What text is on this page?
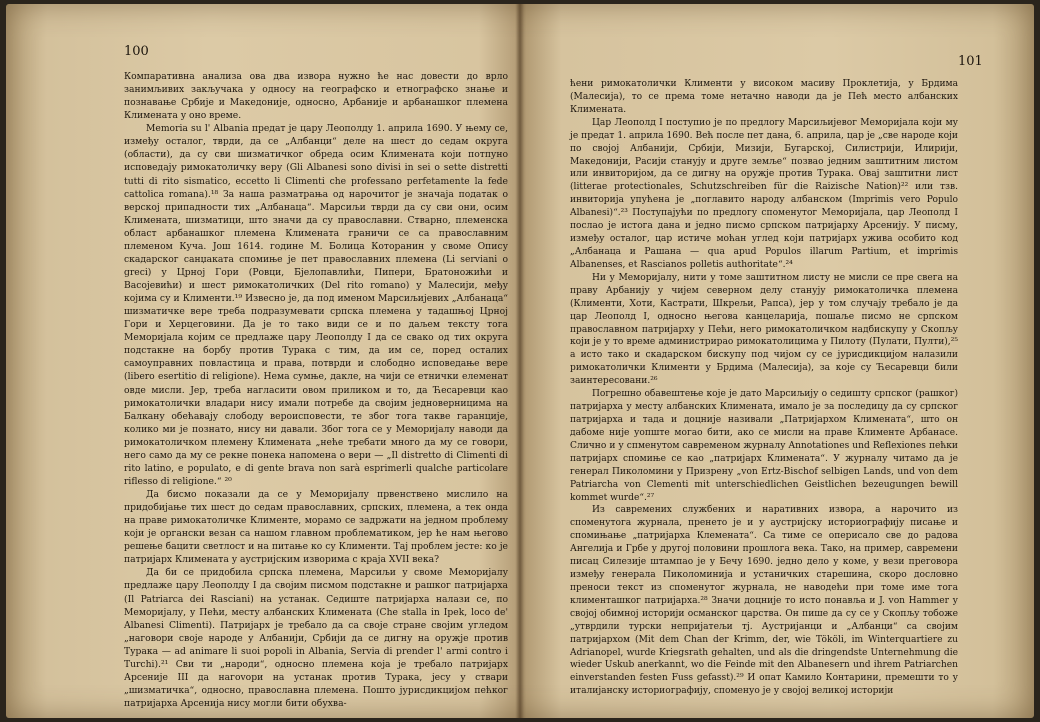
100

Компаративна анализа ова два извора нужно ће нас довести до врло занимљивих закључака у односу на географско и етнографско знање и познавање Србије и Македоније, односно, Арбаније и арбанашког племена Климената у оно време.

Memoria su l' Albania предат је цару Леополду 1. априла 1690. У њему се, између осталог, тврди, да се „Албанци“ деле на шест до седам округа (области), да су сви шизматичког обреда осим Климената који потпуно исповедају римокатоличку веру (Gli Albanesi sono divisi in sei o sette distretti tutti di rito sismatico, eccetto li Climenti che professano perfetamente la fede cattolica romana).¹⁸ За наша разматрања од нарочитог је значаја податак о верској припадности тих „Албанаца“. Марсиљи тврди да су сви они, осим Климената, шизматици, што значи да су православни. Стварно, племенска област арбанашког племена Климената граничи се са православним племеном Куча. Још 1614. године М. Болица Которанин у своме Опису скадарског санџаката спомиње је пет православних племена (Li serviani o greci) у Црној Гори (Ровци, Бјелопавлићи, Пипери, Братоножићи и Васојевићи) и шест римокатоличких (Del rito romano) у Малесији, међу којима су и Клименти.¹⁹ Извесно је, да под именом Марсиљијевих „Албанаца“ шизматичке вере треба подразумевати српска племена у тадашњој Црној Гори и Херцеговини. Да је то тако види се и по даљем тексту тога Меморијала којим се предлаже цару Леополду I да се свако од тих округа подстакне на борбу против Турака с тим, да им се, поред осталих самоуправних повластица и права, потврди и слободно исповедање вере (libero esertitio di religione). Нема сумње, дакле, на чији се етнички елеменат овде мисли. Јер, треба нагласити овом приликом и то, да Ћесаревци као римокатолички владари нису имали потребе да својим једноверницима на Балкану обећавају слободу вероисповести, те због тога такве гаранције, колико ми је познато, нису ни давали. Због тога се у Меморијалу наводи да римокатоличком племену Климената „неће требати много да му се говори, него само да му се рекне понека напомена о вери — „Il distretto di Climenti di rito latino, e populato, e di gente brava non sarà esprimerli qualche particolare riflesso di religione.“ ²⁰

Да бисмо показали да се у Меморијалу првенствено мислило на придобијање тих шест до седам православних, српских, племена, а тек онда на праве римокатоличке Клименте, морамо се задржати на једном проблему који је органски везан са нашом главном проблематиком, јер ће нам његово решење бацити светлост и на питање ко су Клименти. Тај проблем јесте: ко је патријарх Климената у аустријским изворима с краја XVII века?

Да би се придобила српска племена, Марсиљи у своме Меморијалу предлаже цару Леополду I да својим писмом подстакне и рашког патријарха (Il Patriarca dei Rasciani) на устанак. Седиште патријарха налази се, по Меморијалу, у Пећи, месту албанских Климената (Che stalla in Ipek, loco de' Albanesi Climenti). Патријарх је требало да са своје стране својим угледом „наговори своје народе у Албанији, Србији да се дигну на оружје против Турака — ad animare li suoi popoli in Albania, Servia di prender l' armi contro i Turchi).²¹ Сви ти „народи“, односно племена која је требало патријарх Арсеније III да нагovори на устанак против Турака, јесу у ствари „шизматичка“, односно, православна племена. Пошто јурисдикцијом пећког патријарха Арсенија нису могли бити обухва-

101

ћени римокатолички Клименти у високом масиву Проклетија, у Брдима (Малесија), то се према томе нетачно наводи да је Пећ место албанских Климената.

Цар Леополд I поступио је по предлогу Марсиљијевог Меморијала који му је предат 1. априла 1690. Већ после пет дана, 6. априла, цар је „све народе који по својој Албанији, Србији, Мизији, Бугарској, Силистрији, Илирији, Македонији, Расији станују и друге земље“ позвао једним заштитним листом или инвиторијом, да се дигну на оружје против Турака. Овај заштитни лист (litterae protectionales, Schutzschreiben für die Raizische Nation)²² или тзв. инвиторија упућена је „поглавито народу албанском (Imprimis vero Populo Albanesi)“.²³ Поступајући по предлогу споменутог Меморијала, цар Леополд I послао је истога дана и једно писмо српском патријарху Арсенију. У писму, између осталог, цар истиче моћан углед који патријарх ужива особито код „Албанаца и Рашана — qua apud Populos illarum Partium, et imprimis Albanenses, et Rascianos polletis authoritate“.²⁴

Ни у Меморијалу, нити у томе заштитном листу не мисли се пре свега на праву Арбанију у чијем северном делу станују римокатоличка племена (Клименти, Хоти, Кастрати, Шкрељи, Рапса), јер у том случају требало је да цар Леополд I, односно његова канцеларија, пошаље писмо не српском православном патријарху у Пећи, него римокатоличком надбискупу у Скопљу који је у то време администрирао римокатолицима у Пилоту (Пулати, Пулти),²⁵ а исто тако и скадарском бискупу под чијом су се јурисдикцијом налазили римокатолички Клименти у Брдима (Малесија), за које су Ћесаревци били заинтересовани.²⁶

Погрешно обавештење које је дато Марсиљију о седишту српског (рашког) патријарха у месту албанских Климената, имало је за последицу да су српског патријарха и тада и доцније називали „Патријархом Климената“, што он дабоме није уопште могао бити, ако се мисли на праве Клименте Арбанасе. Слично и у спменутом савременом журналу Annotationes und Reflexiones пећки патријарх спомиње се као „патријарх Климената“. У журналу читамо да је генерал Пиколомини у Призрену „von Ertz-Bischof selbigen Lands, und von dem Patriarcha von Clementi mit unterschiedlichen Geistlichen bezeugungen bewill kommet wurde“.²⁷

Из савремених службених и наративних извора, а нарочито из споменутога журнала, пренето је и у аустријску историографију писање и спомињање „патријарха Клемената“. Са тиме се оперисало све до радова Ангелија и Грбе у другој половини прошлога века. Тако, на пример, савремени писац Силезије штампао је у Бечу 1690. једно дело у коме, у вези преговора између генерала Пиколоминија и устаничких старешина, скоро дословно преноси текст из споменутог журнала, не наводећи при томе име тога клименташког патријарха.²⁸ Значи доцније то исто понавља и J. von Hammer у својој обимној историји османског царства. Он пише да су се у Скопљу тобоже „утврдили турски непријатељи тј. Аустријанци и „Албанци“ са својим патријархом (Mit dem Chan der Krimm, der, wie Tököli, im Winterquartiere zu Adrianopel, wurde Kriegsrath gehalten, und als die dringendste Unternehmung die wieder Uskub anerkannt, wo die Feinde mit den Albanesern und ihrem Patriarchen einverstanden festen Fuss gefasst).²⁹ И опат Камило Контарини, премешти то у италијанску историографију, споменуо је у својој великој историји
